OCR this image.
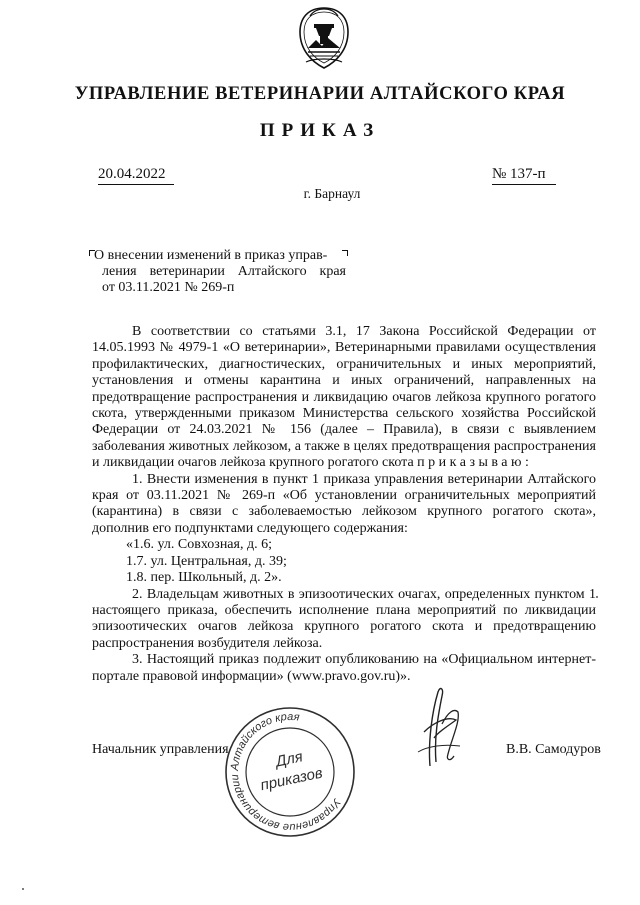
УПРАВЛЕНИЕ ВЕТЕРИНАРИИ АЛТАЙСКОГО КРАЯ
ПРИКАЗ
20.04.2022	№ 137-п
г. Барнаул
О внесении изменений в приказ управ-
ления ветеринарии Алтайского края
от 03.11.2021 № 269-п

В соответствии со статьями 3.1, 17 Закона Российской Федерации от 14.05.1993 № 4979-1 «О ветеринарии», Ветеринарными правилами осуществления профилактических, диагностических, ограничительных и иных мероприятий, установления и отмены карантина и иных ограничений, направленных на предотвращение распространения и ликвидацию очагов лейкоза крупного рогатого скота, утвержденными приказом Министерства сельского хозяйства Российской Федерации от 24.03.2021 № 156 (далее – Правила), в связи с выявлением заболевания животных лейкозом, а также в целях предотвращения распространения и ликвидации очагов лейкоза крупного рогатого скота приказываю:

1. Внести изменения в пункт 1 приказа управления ветеринарии Алтайского края от 03.11.2021 № 269-п «Об установлении ограничительных мероприятий (карантина) в связи с заболеваемостью лейкозом крупного рогатого скота», дополнив его подпунктами следующего содержания:

«1.6. ул. Совхозная, д. 6;

1.7. ул. Центральная, д. 39;

1.8. пер. Школьный, д. 2».

2. Владельцам животных в эпизоотических очагах, определенных пунктом 1 настоящего приказа, обеспечить исполнение плана мероприятий по ликвидации эпизоотических очагов лейкоза крупного рогатого скота и предотвращению распространения возбудителя лейкоза.

3. Настоящий приказ подлежит опубликованию на «Официальном интернет-портале правовой информации» (www.pravo.gov.ru)».

Управление ветеринарии Алтайского края
Для
приказов
Начальник управления	В.В. Самодуров
